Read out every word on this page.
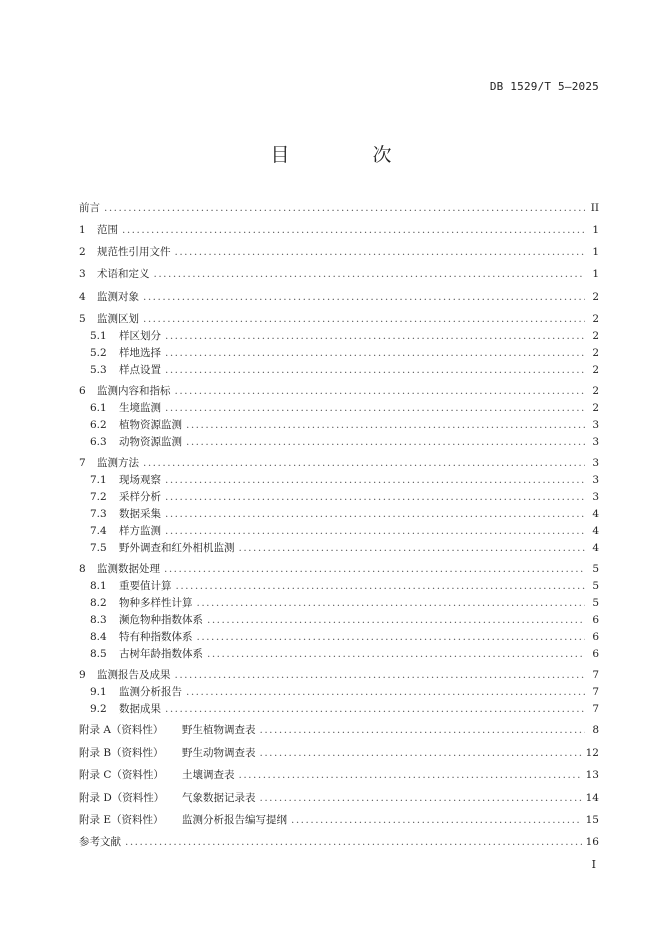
DB 1529/T 5—2025
目　次
前言 .....	II
1	范围 .....	1
2	规范性引用文件 .....	1
3	术语和定义 .....	1
4	监测对象 .....	2
5	监测区划 .....	2
5.1	样区划分 .....	2
5.2	样地选择 .....	2
5.3	样点设置 .....	2
6	监测内容和指标 .....	2
6.1	生境监测 .....	2
6.2	植物资源监测 .....	3
6.3	动物资源监测 .....	3
7	监测方法 .....	3
7.1	现场观察 .....	3
7.2	采样分析 .....	3
7.3	数据采集 .....	4
7.4	样方监测 .....	4
7.5	野外调查和红外相机监测 .....	4
8	监测数据处理 .....	5
8.1	重要值计算 .....	5
8.2	物种多样性计算 .....	5
8.3	濒危物种指数体系 .....	6
8.4	特有种指数体系 .....	6
8.5	古树年龄指数体系 .....	6
9	监测报告及成果 .....	7
9.1	监测分析报告 .....	7
9.2	数据成果 .....	7
附录 A（资料性）	野生植物调查表 .....	8
附录 B（资料性）	野生动物调查表 .....	12
附录 C（资料性）	土壤调查表 .....	13
附录 D（资料性）	气象数据记录表 .....	14
附录 E（资料性）	监测分析报告编写提纲 .....	15
参考文献 .....	16
I
